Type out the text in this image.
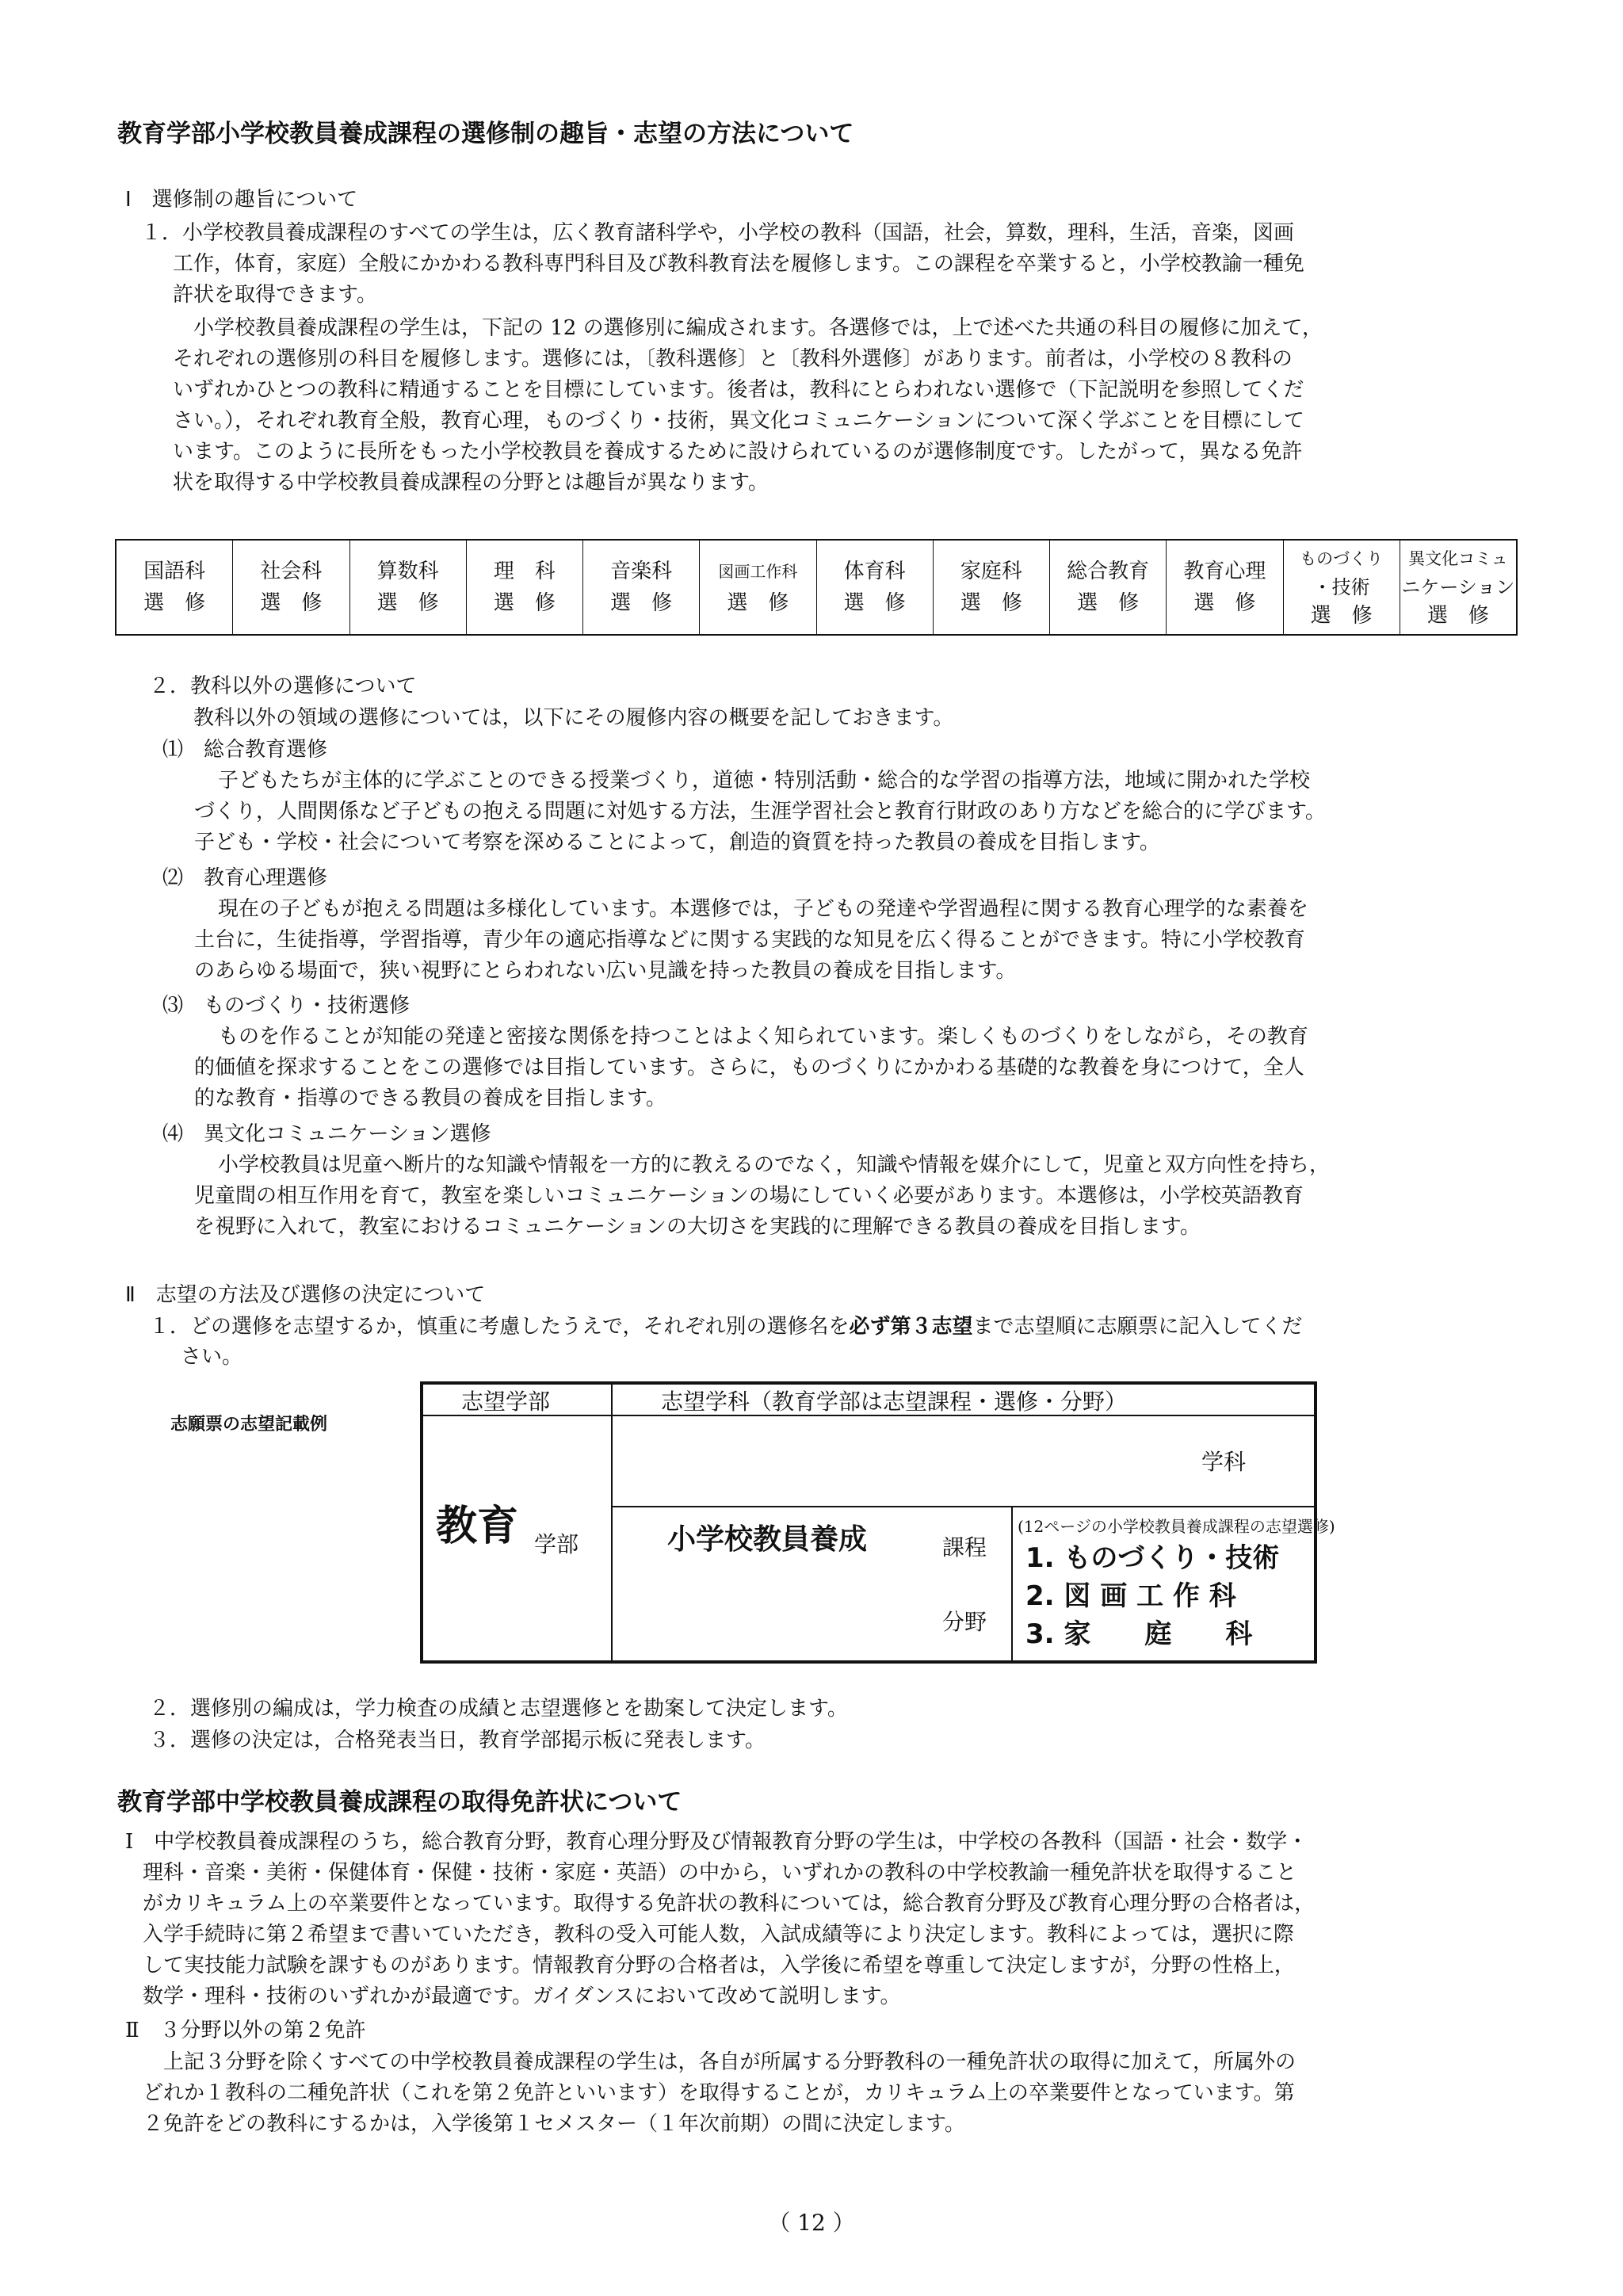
教育学部小学校教員養成課程の選修制の趣旨・志望の方法について
Ⅰ　選修制の趣旨について
１．小学校教員養成課程のすべての学生は，広く教育諸科学や，小学校の教科（国語，社会，算数，理科，生活，音楽，図画
工作，体育，家庭）全般にかかわる教科専門科目及び教科教育法を履修します。この課程を卒業すると，小学校教諭一種免
許状を取得できます。
小学校教員養成課程の学生は，下記の 12 の選修別に編成されます。各選修では，上で述べた共通の科目の履修に加えて，
それぞれの選修別の科目を履修します。選修には，〔教科選修〕と〔教科外選修〕があります。前者は，小学校の８教科の
いずれかひとつの教科に精通することを目標にしています。後者は，教科にとらわれない選修で（下記説明を参照してくだ
さい。），それぞれ教育全般，教育心理，ものづくり・技術，異文化コミュニケーションについて深く学ぶことを目標にして
います。このように長所をもった小学校教員を養成するために設けられているのが選修制度です。したがって，異なる免許
状を取得する中学校教員養成課程の分野とは趣旨が異なります。
国語科
選　修
社会科
選　修
算数科
選　修
理　科
選　修
音楽科
選　修
図画工作科
選　修
体育科
選　修
家庭科
選　修
総合教育
選　修
教育心理
選　修
ものづくり
・技術
選　修
異文化コミュ
ニケーション
選　修
２．教科以外の選修について
教科以外の領域の選修については，以下にその履修内容の概要を記しておきます。
⑴　総合教育選修
子どもたちが主体的に学ぶことのできる授業づくり，道徳・特別活動・総合的な学習の指導方法，地域に開かれた学校
づくり，人間関係など子どもの抱える問題に対処する方法，生涯学習社会と教育行財政のあり方などを総合的に学びます。
子ども・学校・社会について考察を深めることによって，創造的資質を持った教員の養成を目指します。
⑵　教育心理選修
現在の子どもが抱える問題は多様化しています。本選修では，子どもの発達や学習過程に関する教育心理学的な素養を
土台に，生徒指導，学習指導，青少年の適応指導などに関する実践的な知見を広く得ることができます。特に小学校教育
のあらゆる場面で，狭い視野にとらわれない広い見識を持った教員の養成を目指します。
⑶　ものづくり・技術選修
ものを作ることが知能の発達と密接な関係を持つことはよく知られています。楽しくものづくりをしながら，その教育
的価値を探求することをこの選修では目指しています。さらに，ものづくりにかかわる基礎的な教養を身につけて，全人
的な教育・指導のできる教員の養成を目指します。
⑷　異文化コミュニケーション選修
小学校教員は児童へ断片的な知識や情報を一方的に教えるのでなく，知識や情報を媒介にして，児童と双方向性を持ち，
児童間の相互作用を育て，教室を楽しいコミュニケーションの場にしていく必要があります。本選修は，小学校英語教育
を視野に入れて，教室におけるコミュニケーションの大切さを実践的に理解できる教員の養成を目指します。
Ⅱ　志望の方法及び選修の決定について
１．どの選修を志望するか，慎重に考慮したうえで，それぞれ別の選修名を必ず第３志望まで志望順に志願票に記入してくだ
さい。
志願票の志望記載例
志望学部	志望学科（教育学部は志望課程・選修・分野）
学科
教育 学部	小学校教員養成	課程
分野
(12ページの小学校教員養成課程の志望選修)
1. ものづくり・技術
2. 図 画 工 作 科
3. 家　　庭　　科
２．選修別の編成は，学力検査の成績と志望選修とを勘案して決定します。
３．選修の決定は，合格発表当日，教育学部掲示板に発表します。
教育学部中学校教員養成課程の取得免許状について
Ⅰ　中学校教員養成課程のうち，総合教育分野，教育心理分野及び情報教育分野の学生は，中学校の各教科（国語・社会・数学・
理科・音楽・美術・保健体育・保健・技術・家庭・英語）の中から，いずれかの教科の中学校教諭一種免許状を取得すること
がカリキュラム上の卒業要件となっています。取得する免許状の教科については，総合教育分野及び教育心理分野の合格者は，
入学手続時に第２希望まで書いていただき，教科の受入可能人数，入試成績等により決定します。教科によっては，選択に際
して実技能力試験を課すものがあります。情報教育分野の合格者は，入学後に希望を尊重して決定しますが，分野の性格上，
数学・理科・技術のいずれかが最適です。ガイダンスにおいて改めて説明します。
Ⅱ　３分野以外の第２免許
上記３分野を除くすべての中学校教員養成課程の学生は，各自が所属する分野教科の一種免許状の取得に加えて，所属外の
どれか１教科の二種免許状（これを第２免許といいます）を取得することが，カリキュラム上の卒業要件となっています。第
２免許をどの教科にするかは，入学後第１セメスター（１年次前期）の間に決定します。
（ 12 ）
